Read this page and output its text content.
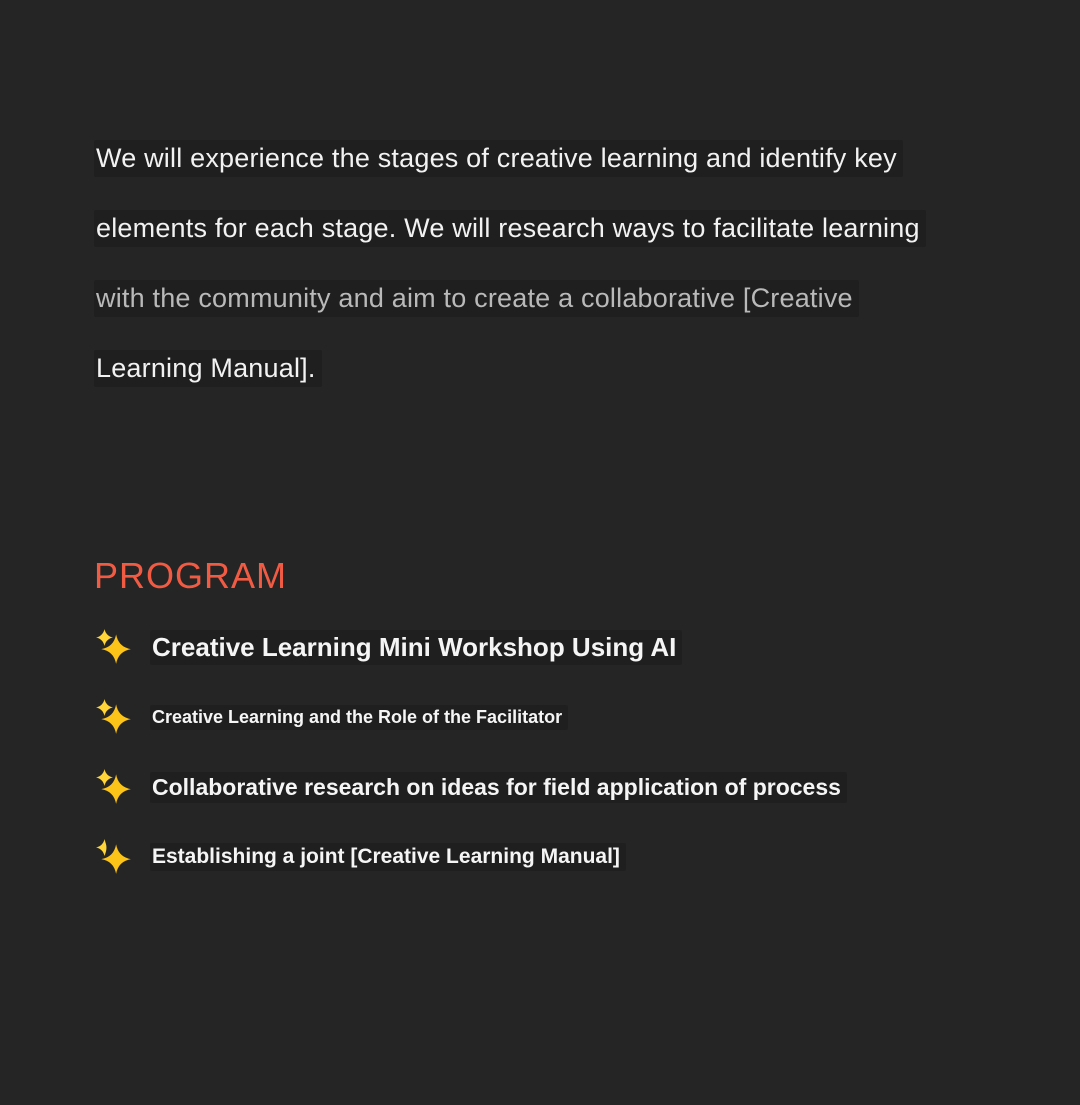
We will experience the stages of creative learning and identify key
elements for each stage. We will research ways to facilitate learning
with the community and aim to create a collaborative [Creative
Learning Manual].
PROGRAM
Creative Learning Mini Workshop Using AI
Creative Learning and the Role of the Facilitator
Collaborative research on ideas for field application of process
Establishing a joint [Creative Learning Manual]
